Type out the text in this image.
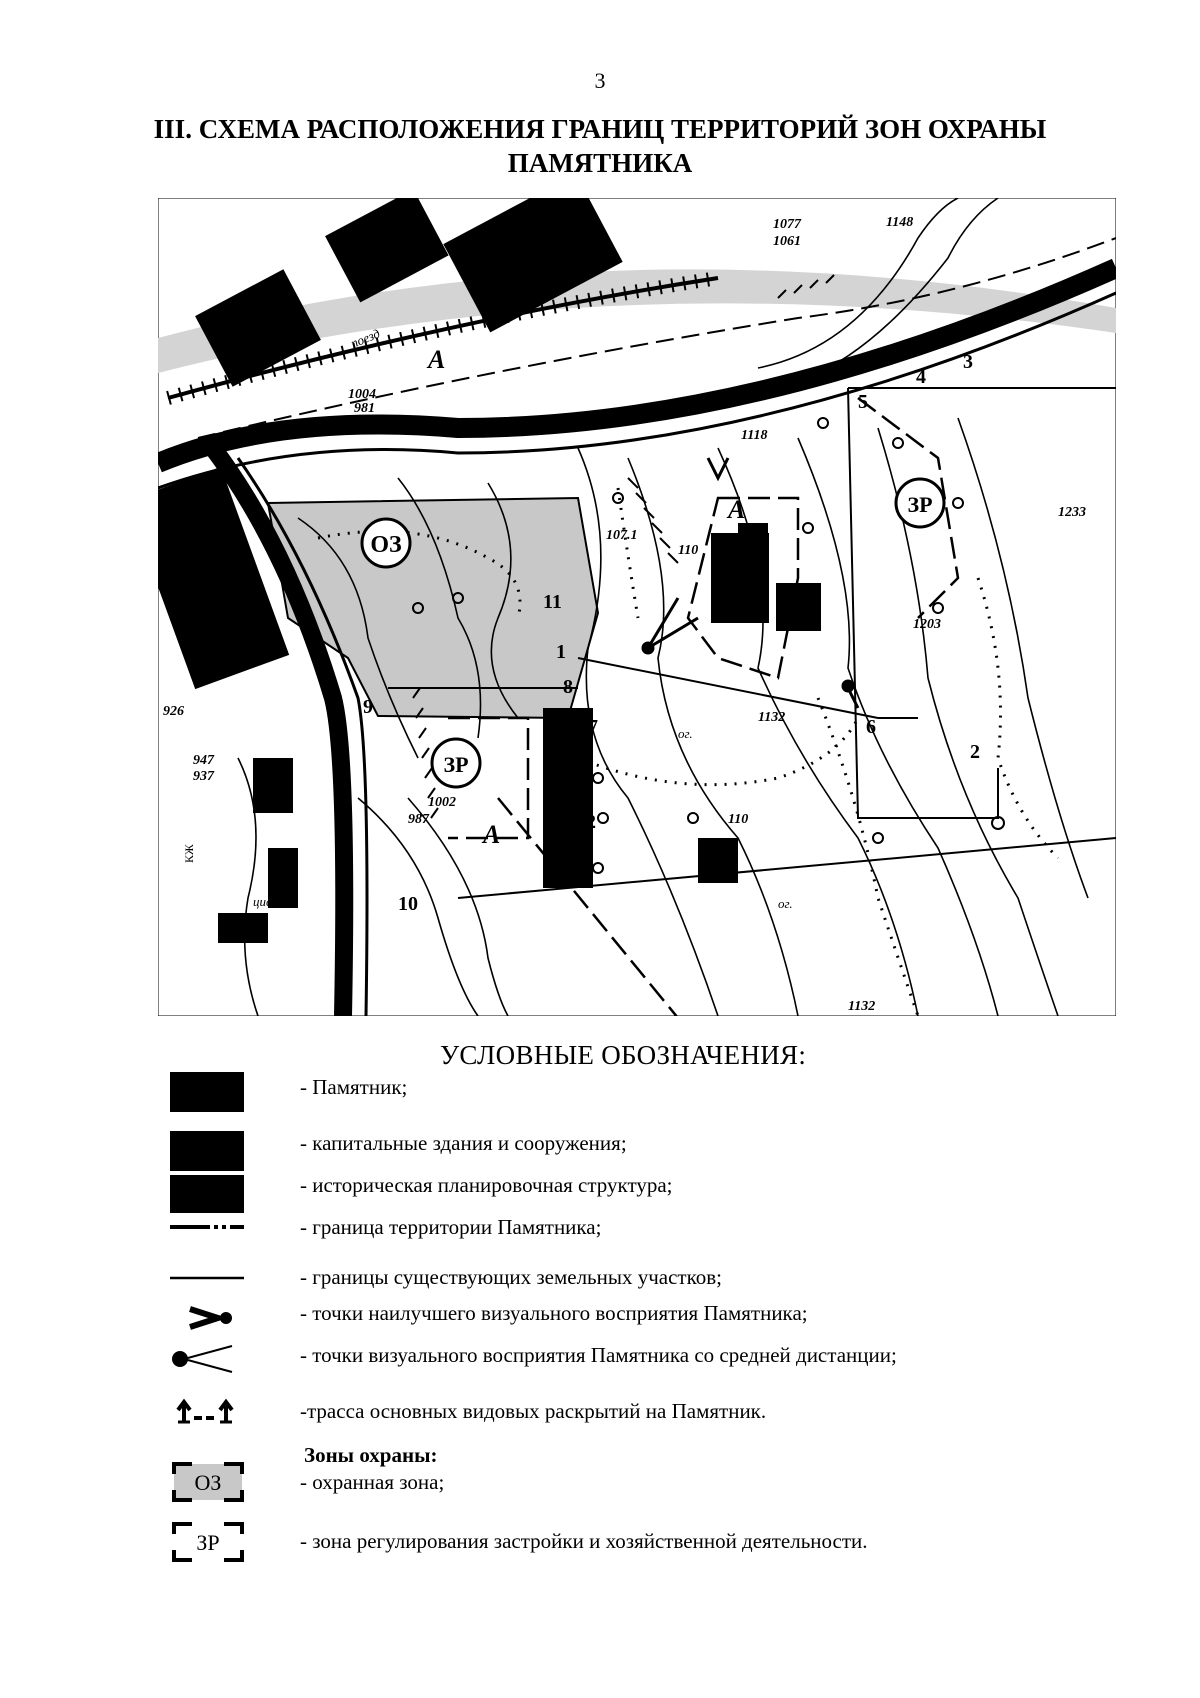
3
III. СХЕМА РАСПОЛОЖЕНИЯ ГРАНИЦ ТЕРРИТОРИЙ ЗОН ОХРАНЫ
ПАМЯТНИКА
ОЗ
ЗР
ЗР
А
А
А
1077
1061
1148
1004
981
1118
107.1
110
1233
1203
926
947
937
1002
987
1132
1132
110
1
2
3
4
5
6
7
8
9
10
11
12
поезд
ог.
ог.
цист.
КЖ
УСЛОВНЫЕ ОБОЗНАЧЕНИЯ:
- Памятник;
- капитальные здания и сооружения;
- историческая планировочная структура;
- граница территории Памятника;
- границы существующих земельных участков;
- точки наилучшего визуального восприятия Памятника;
- точки визуального восприятия Памятника со средней дистанции;
-трасса основных видовых раскрытий на Памятник.
Зоны охраны:
ОЗ
ЗР
- охранная зона;
- зона регулирования застройки и хозяйственной деятельности.
